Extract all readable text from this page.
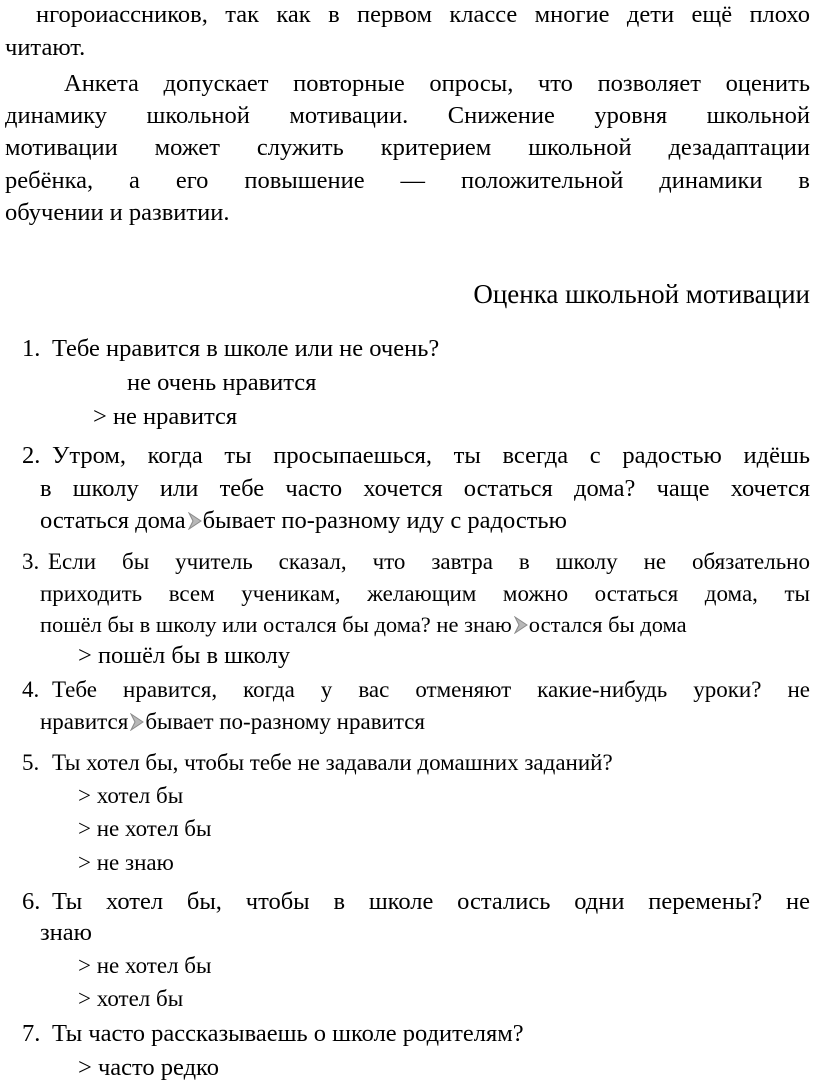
нгороиассников, так как в первом классе многие дети ещё плохо
читают.
Анкета допускает повторные опросы, что позволяет оценить
динамику школьной мотивации. Снижение уровня школьной
мотивации может служить критерием школьной дезадаптации
ребёнка, а его повышение — положительной динамики в
обучении и развитии.
Оценка школьной мотивации
1. Тебе нравится в школе или не очень?
не очень нравится
> не нравится
2. Утром, когда ты просыпаешься, ты всегда с радостью идёшь
в школу или тебе часто хочется остаться дома? чаще хочется
остаться дома бывает по-разному иду с радостью
3. Если бы учитель сказал, что завтра в школу не обязательно
приходить всем ученикам, желающим можно остаться дома, ты
пошёл бы в школу или остался бы дома? не знаю остался бы дома
> пошёл бы в школу
4. Тебе нравится, когда у вас отменяют какие-нибудь уроки? не
нравится бывает по-разному нравится
5. Ты хотел бы, чтобы тебе не задавали домашних заданий?
> хотел бы
> не хотел бы
> не знаю
6. Ты хотел бы, чтобы в школе остались одни перемены? не
знаю
> не хотел бы
> хотел бы
7. Ты часто рассказываешь о школе родителям?
> часто редко
